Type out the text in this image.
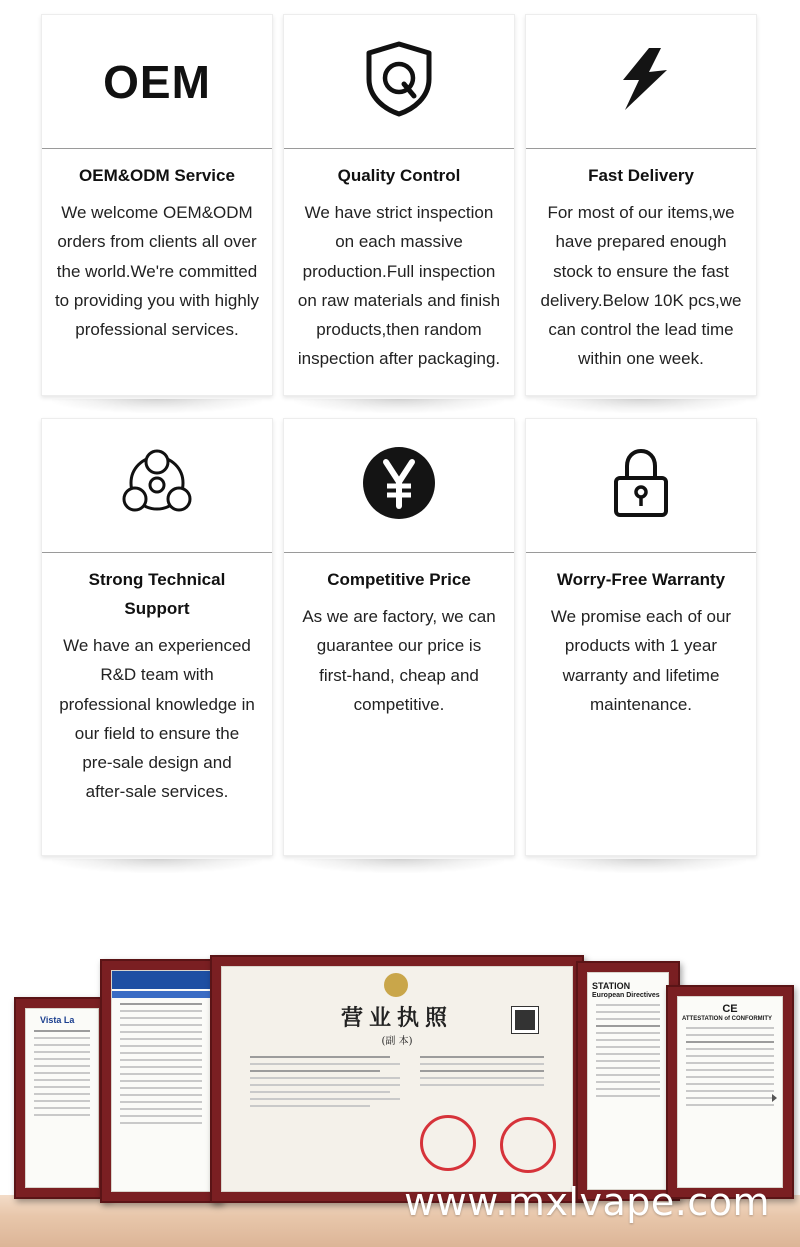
OEM
OEM&ODM Service
We welcome OEM&ODM
orders from clients all over
the world.We're committed
to providing you with highly
professional services.
Quality Control
We have strict inspection
on each massive
production.Full inspection
on raw materials and finish
products,then random
inspection after packaging.
Fast Delivery
For most of our items,we
have prepared enough
stock to ensure the fast
delivery.Below 10K pcs,we
can control the lead time
within one week.
Strong Technical
Support
We have an experienced
R&D team with
professional knowledge in
our field to ensure the
pre-sale design and
after-sale services.
Competitive Price
As we are factory, we can
guarantee our price is
first-hand, cheap and
competitive.
Worry-Free Warranty
We promise each of our
products with 1 year
warranty and lifetime
maintenance.
Vista La	营业执照
(副 本)
STATION
European Directives
CE
ATTESTATION of CONFORMITY
www.mxlvape.com
